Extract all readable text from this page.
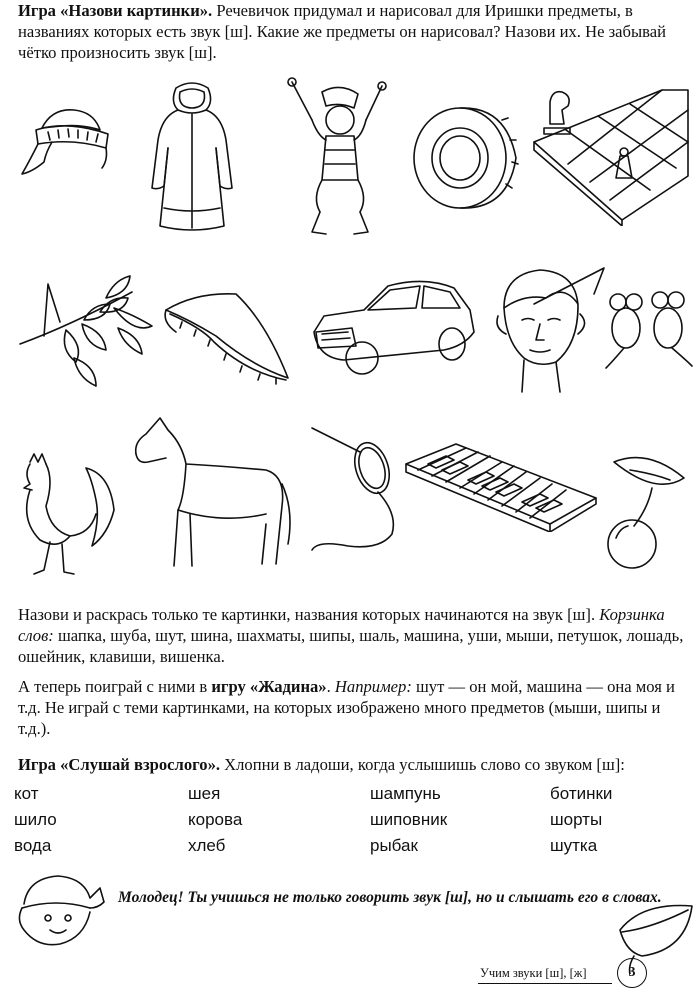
Игра «Назови картинки». Речевичок придумал и нарисовал для Иришки предметы, в названиях которых есть звук [ш]. Какие же предметы он нарисовал? Назови их. Не забывай чётко произносить звук [ш].
Назови и раскрась только те картинки, названия которых начинаются на звук [ш]. Корзинка слов: шапка, шуба, шут, шина, шахматы, шипы, шаль, машина, уши, мыши, петушок, лошадь, ошейник, клавиши, вишенка.
А теперь поиграй с ними в игру «Жадина». Например: шут — он мой, машина — она моя и т.д. Не играй с теми картинками, на которых изображено много предметов (мыши, шипы и т.д.).
Игра «Слушай взрослого». Хлопни в ладоши, когда услышишь слово со звуком [ш]:
кот	шея	шампунь	ботинки
шило	корова	шиповник	шорты
вода	хлеб	рыбак	шутка
Молодец! Ты учишься не только говорить звук [ш], но и слышать его в словах.
Учим звуки [ш], [ж]	3
